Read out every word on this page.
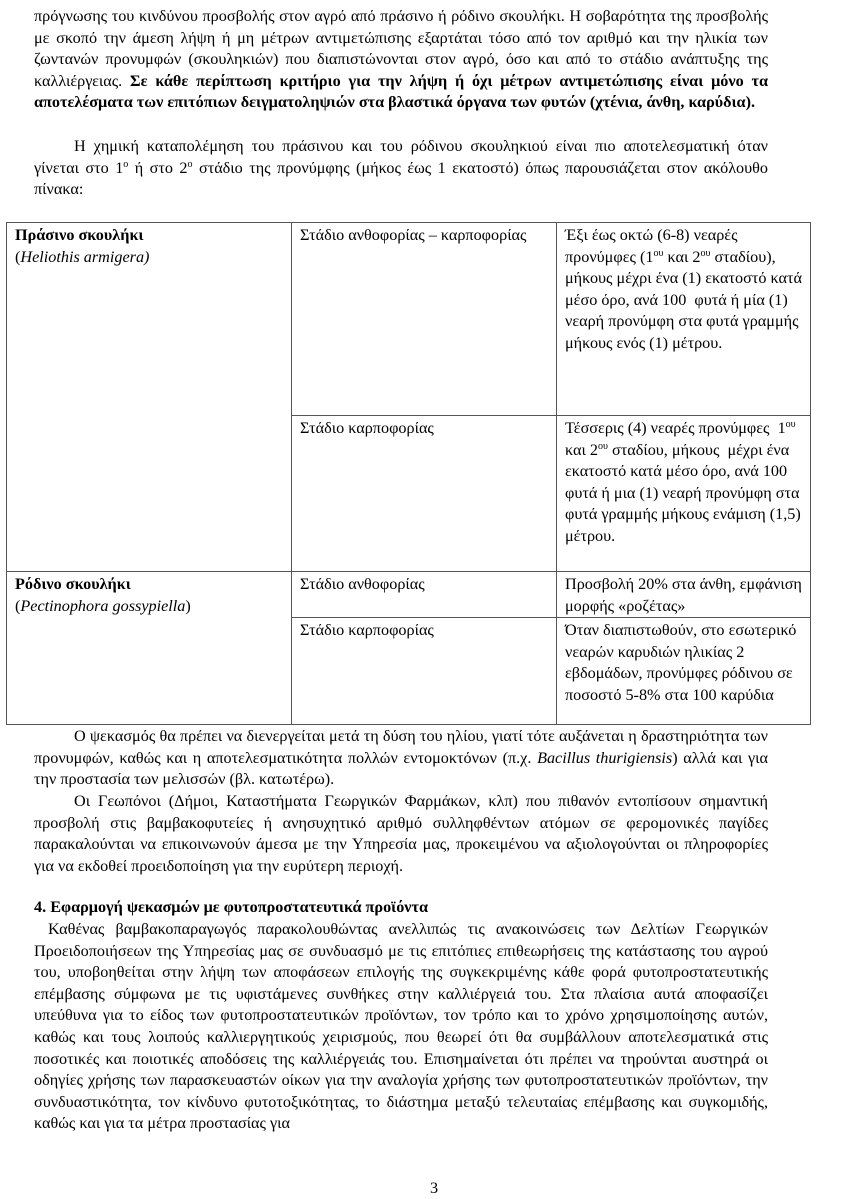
πρόγνωσης του κινδύνου προσβολής στον αγρό από πράσινο ή ρόδινο σκουλήκι. Η σοβαρότητα της προσβολής με σκοπό την άμεση λήψη ή μη μέτρων αντιμετώπισης εξαρτάται τόσο από τον αριθμό και την ηλικία των ζωντανών προνυμφών (σκουληκιών) που διαπιστώνονται στον αγρό, όσο και από το στάδιο ανάπτυξης της καλλιέργειας. Σε κάθε περίπτωση κριτήριο για την λήψη ή όχι μέτρων αντιμετώπισης είναι μόνο τα αποτελέσματα των επιτόπιων δειγματοληψιών στα βλαστικά όργανα των φυτών (χτένια, άνθη, καρύδια).

Η χημική καταπολέμηση του πράσινου και του ρόδινου σκουληκιού είναι πιο αποτελεσματική όταν γίνεται στο $1^o$ ή στο $2^o$ στάδιο της προνύμφης (μήκος έως 1 εκατοστό) όπως παρουσιάζεται στον ακόλουθο πίνακα:

Ο ψεκασμός θα πρέπει να διενεργείται μετά τη δύση του ηλίου, γιατί τότε αυξάνεται η δραστηριότητα των προνυμφών, καθώς και η αποτελεσματικότητα πολλών εντομοκτόνων (π.χ. Bacillus thurigiensis) αλλά και για την προστασία των μελισσών (βλ. κατωτέρω).

Οι Γεωπόνοι (Δήμοι, Καταστήματα Γεωργικών Φαρμάκων, κλπ) που πιθανόν εντοπίσουν σημαντική προσβολή στις βαμβακοφυτείες ή ανησυχητικό αριθμό συλληφθέντων ατόμων σε φερομονικές παγίδες παρακαλούνται να επικοινωνούν άμεσα με την Υπηρεσία μας, προκειμένου να αξιολογούνται οι πληροφορίες για να εκδοθεί προειδοποίηση για την ευρύτερη περιοχή.

4. Εφαρμογή ψεκασμών με φυτοπροστατευτικά προϊόντα

Καθένας βαμβακοπαραγωγός παρακολουθώντας ανελλιπώς τις ανακοινώσεις των Δελτίων Γεωργικών Προειδοποιήσεων της Υπηρεσίας μας σε συνδυασμό με τις επιτόπιες επιθεωρήσεις της κατάστασης του αγρού του, υποβοηθείται στην λήψη των αποφάσεων επιλογής της συγκεκριμένης κάθε φορά φυτοπροστατευτικής επέμβασης σύμφωνα με τις υφιστάμενες συνθήκες στην καλλιέργειά του. Στα πλαίσια αυτά αποφασίζει υπεύθυνα για το είδος των φυτοπροστατευτικών προϊόντων, τον τρόπο και το χρόνο χρησιμοποίησης αυτών, καθώς και τους λοιπούς καλλιεργητικούς χειρισμούς, που θεωρεί ότι θα συμβάλλουν αποτελεσματικά στις ποσοτικές και ποιοτικές αποδόσεις της καλλιέργειάς του. Επισημαίνεται ότι πρέπει να τηρούνται αυστηρά οι οδηγίες χρήσης των παρασκευαστών οίκων για την αναλογία χρήσης των φυτοπροστατευτικών προϊόντων, την συνδυαστικότητα, τον κίνδυνο φυτοτοξικότητας, το διάστημα μεταξύ τελευταίας επέμβασης και συγκομιδής, καθώς και για τα μέτρα προστασίας για

Πράσινο σκουλήκι
(Heliothis armigera)	Στάδιο ανθοφορίας – καρποφορίας	Έξι έως οκτώ (6-8) νεαρές προνύμφες ($1^{o\upsilon}$ και $2^{o\upsilon}$ σταδίου), μήκους μέχρι ένα (1) εκατοστό κατά μέσο όρο, ανά 100  φυτά ή μία (1) νεαρή προνύμφη στα φυτά γραμμής  μήκους ενός (1) μέτρου.
	Στάδιο καρποφορίας	Τέσσερις (4) νεαρές προνύμφες  $1^{o\upsilon}$ και $2^{o\upsilon}$ σταδίου, μήκους  μέχρι ένα εκατοστό κατά μέσο όρο, ανά 100 φυτά ή μια (1) νεαρή προνύμφη στα φυτά γραμμής μήκους ενάμιση (1,5) μέτρου.

Ρόδινο σκουλήκι
(Pectinophora gossypiella)	Στάδιο ανθοφορίας	Προσβολή 20% στα άνθη, εμφάνιση μορφής «ροζέτας»
	Στάδιο καρποφορίας	Όταν διαπιστωθούν, στο εσωτερικό νεαρών καρυδιών ηλικίας 2 εβδομάδων, προνύμφες ρόδινου σε ποσοστό 5-8% στα 100 καρύδια
3
